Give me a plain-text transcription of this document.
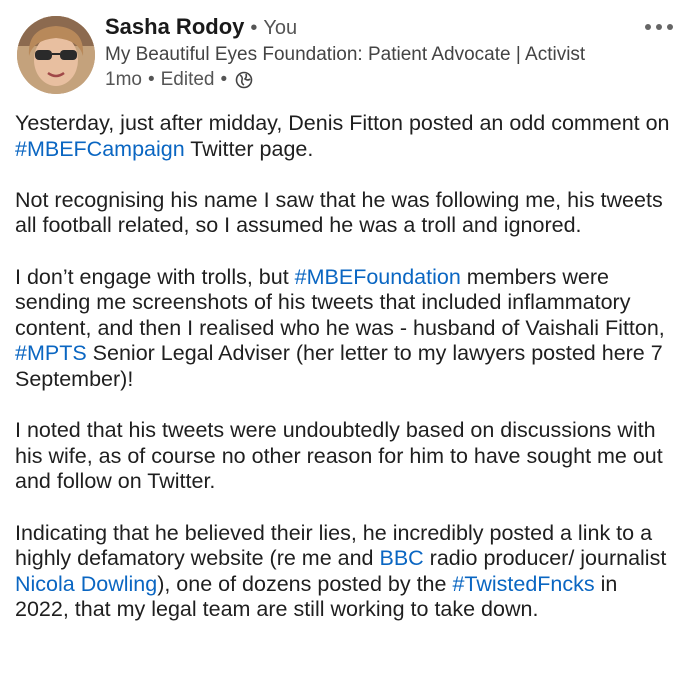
Sasha Rodoy • You
My Beautiful Eyes Foundation: Patient Advocate | Activist
1mo • Edited •

Yesterday, just after midday, Denis Fitton posted an odd comment on #MBEFCampaign Twitter page.

Not recognising his name I saw that he was following me, his tweets all football related, so I assumed he was a troll and ignored.

I don’t engage with trolls, but #MBEFoundation members were sending me screenshots of his tweets that included inflammatory content, and then I realised who he was - husband of Vaishali Fitton, #MPTS Senior Legal Adviser (her letter to my lawyers posted here 7 September)!

I noted that his tweets were undoubtedly based on discussions with his wife, as of course no other reason for him to have sought me out and follow on Twitter.

Indicating that he believed their lies, he incredibly posted a link to a highly defamatory website (re me and BBC radio producer/ journalist Nicola Dowling), one of dozens posted by the #TwistedFncks in 2022, that my legal team are still working to take down.
